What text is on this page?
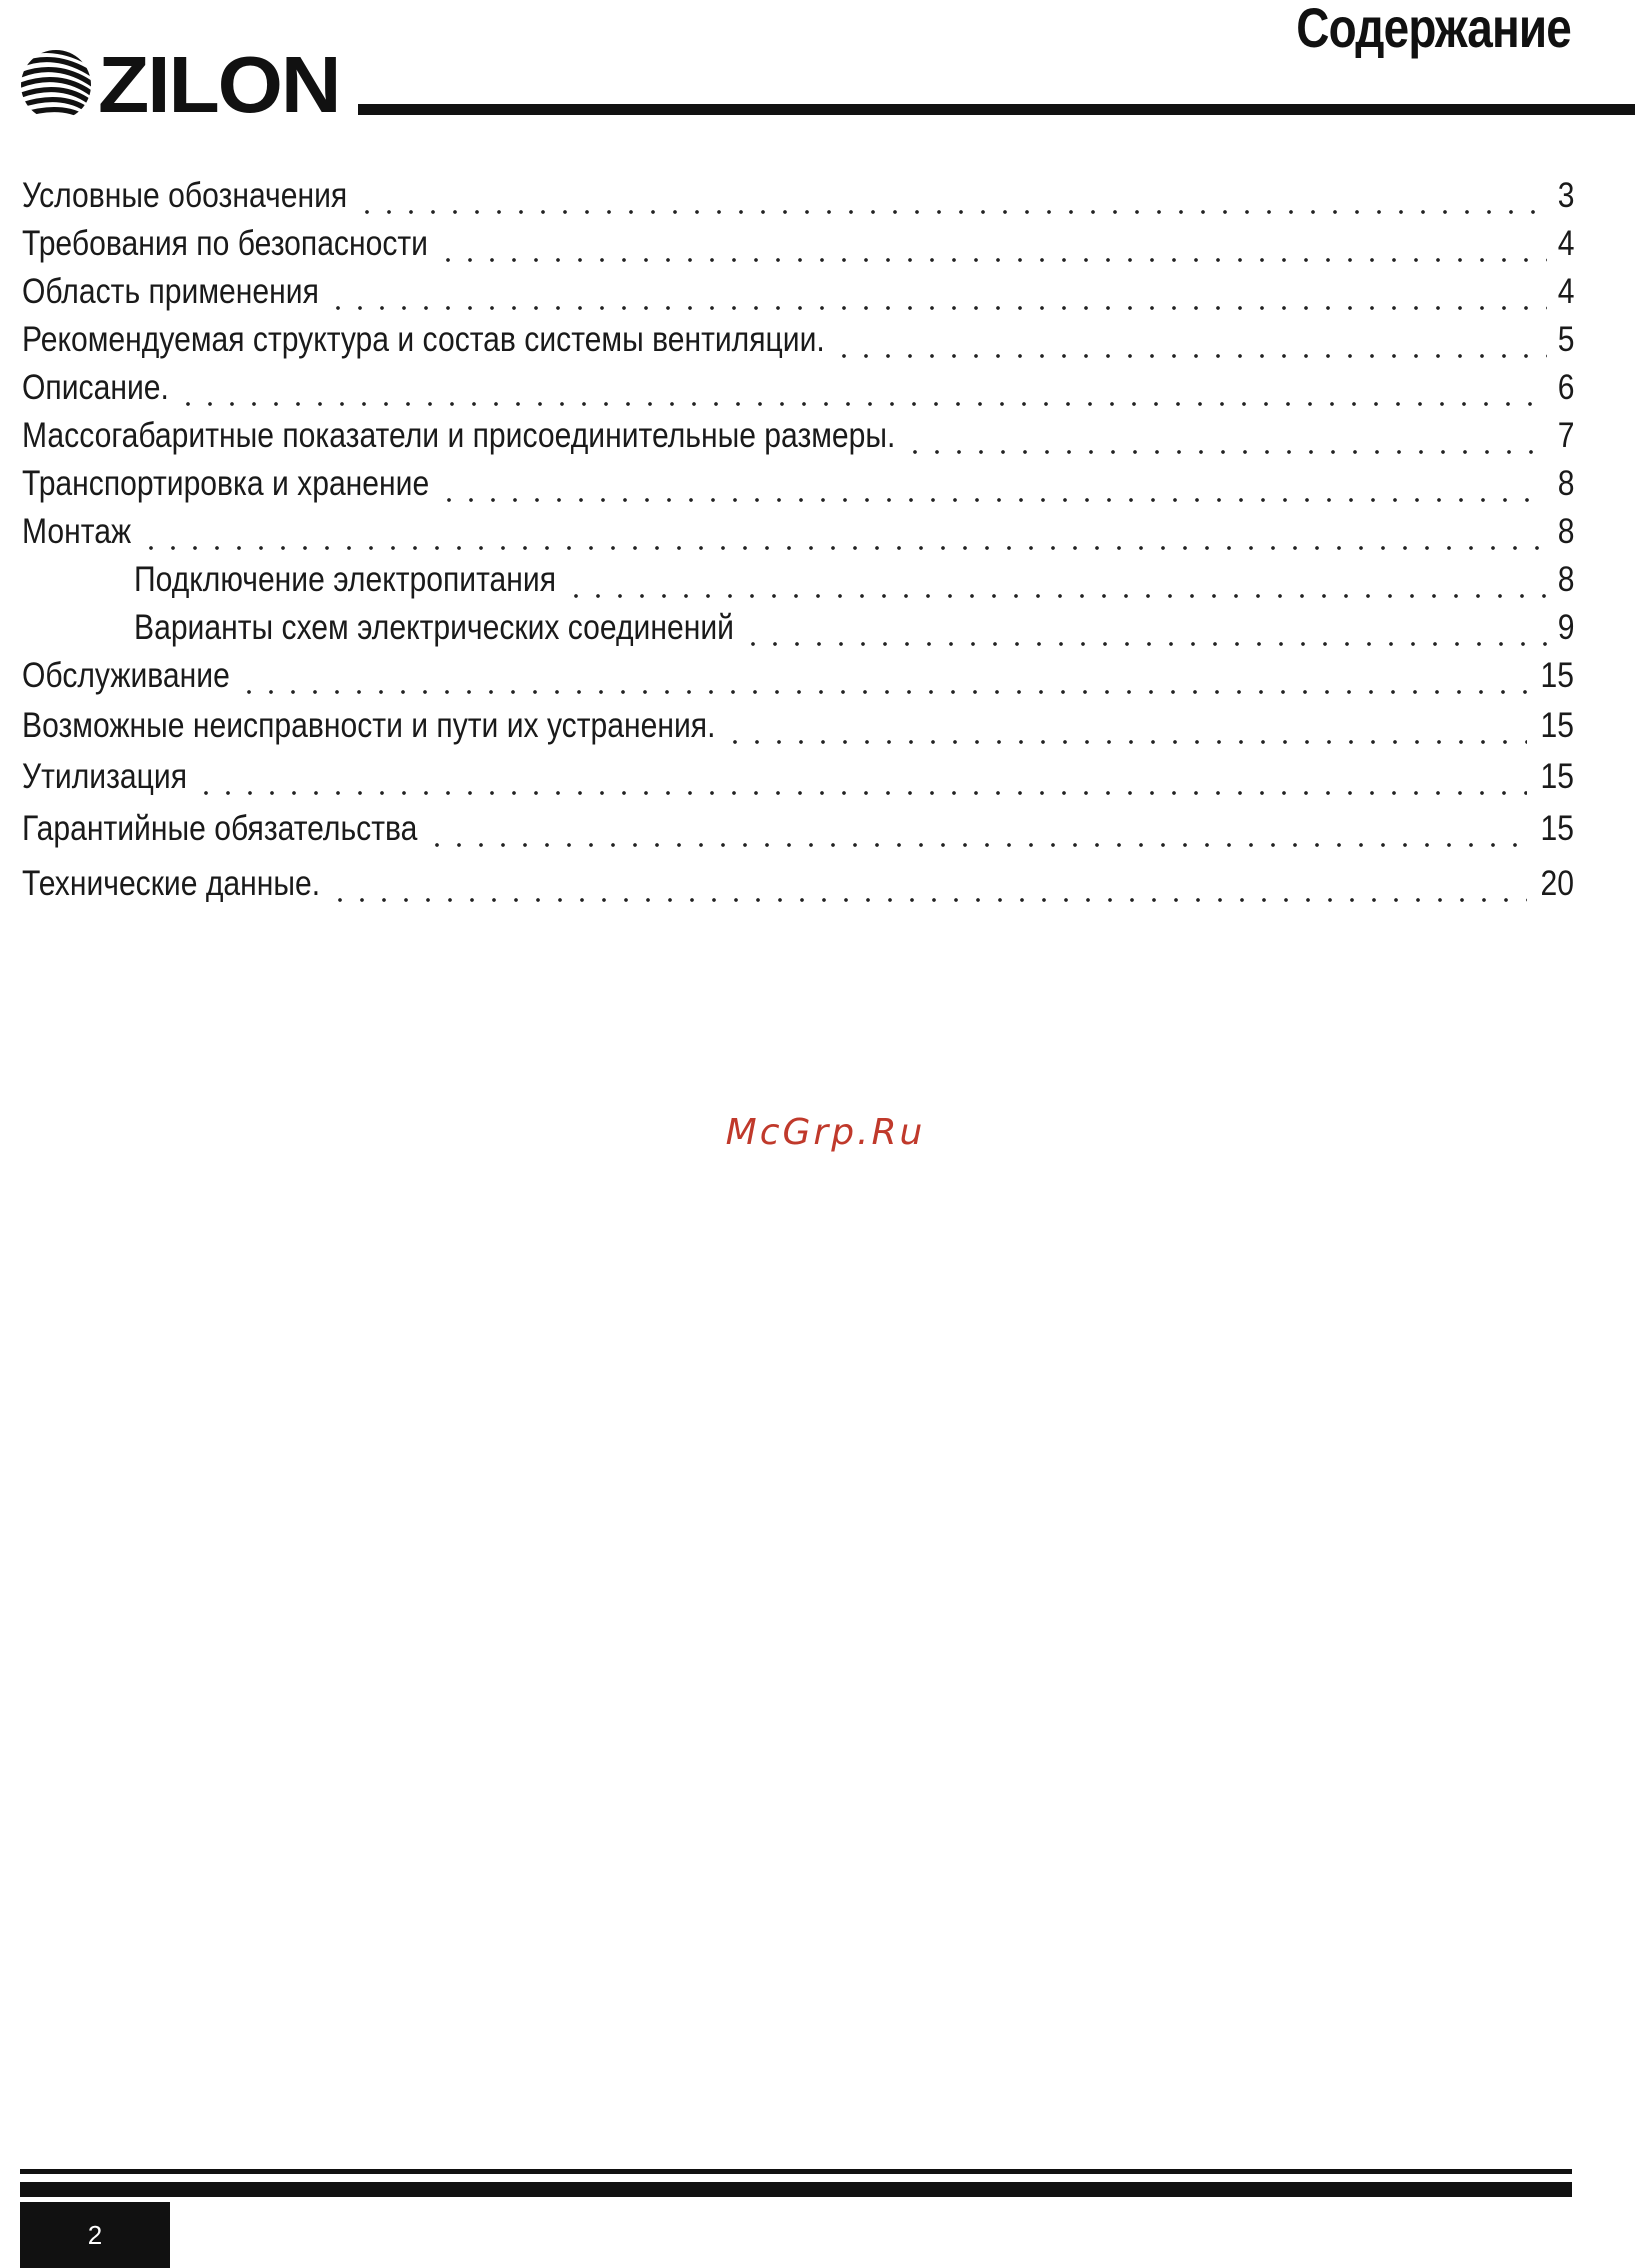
Содержание
ZILON
Условные обозначения	3
Требования по безопасности	4
Область применения	4
Рекомендуемая структура и состав системы вентиляции.	5
Описание.	6
Массогабаритные показатели и присоединительные размеры.	7
Транспортировка и хранение	8
Монтаж	8
Подключение электропитания	8
Варианты схем электрических соединений	9
Обслуживание	15
Возможные неисправности и пути их устранения.	15
Утилизация	15
Гарантийные обязательства	15
Технические данные.	20
McGrp.Ru
2
